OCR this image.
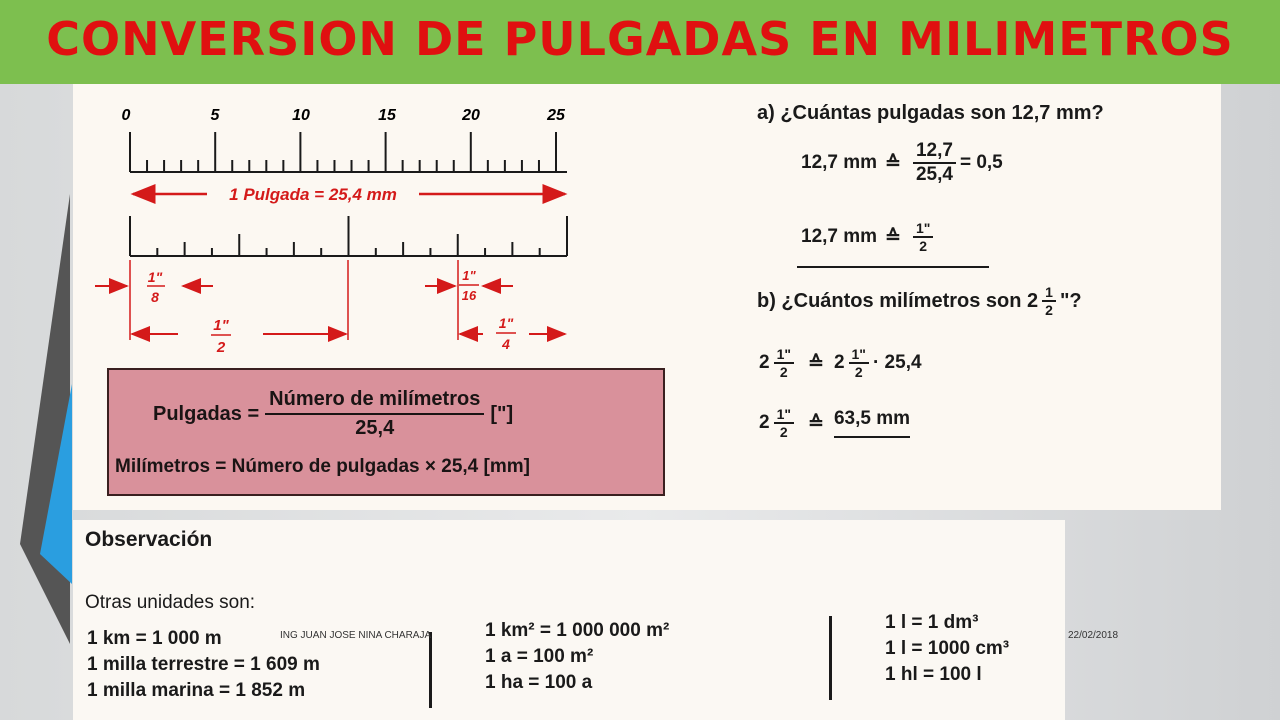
CONVERSION DE PULGADAS EN MILIMETROS
0	5	10	15	20	25
1 Pulgada = 25,4 mm
1"
8
1"
16
1"
2
1"
4
Pulgadas = $\frac{\text{Número de milímetros}}{25,4}$ ["]
Milímetros = Número de pulgadas × 25,4 [mm]
a) ¿Cuántas pulgadas son 12,7 mm?
12,7 mm ≙ $\frac{12,7}{25,4} = 0,5$
12,7 mm ≙ $\frac{1"}{2}$
b) ¿Cuántos milímetros son $2 \frac{1}{2}$ "?
$2 \frac{1"}{2}$ ≙ $2 \frac{1"}{2} \cdot 25,4$
$2 \frac{1"}{2}$ ≙ 63,5 mm
Observación
Otras unidades son:
1 km = 1 000 m
1 milla terrestre = 1 609 m
1 milla marina = 1 852 m
1 km² = 1 000 000 m²
1 a = 100 m²
1 ha = 100 a
1 l = 1 dm³
1 l = 1000 cm³
1 hl = 100 l
ING JUAN JOSE NINA CHARAJA	22/02/2018
